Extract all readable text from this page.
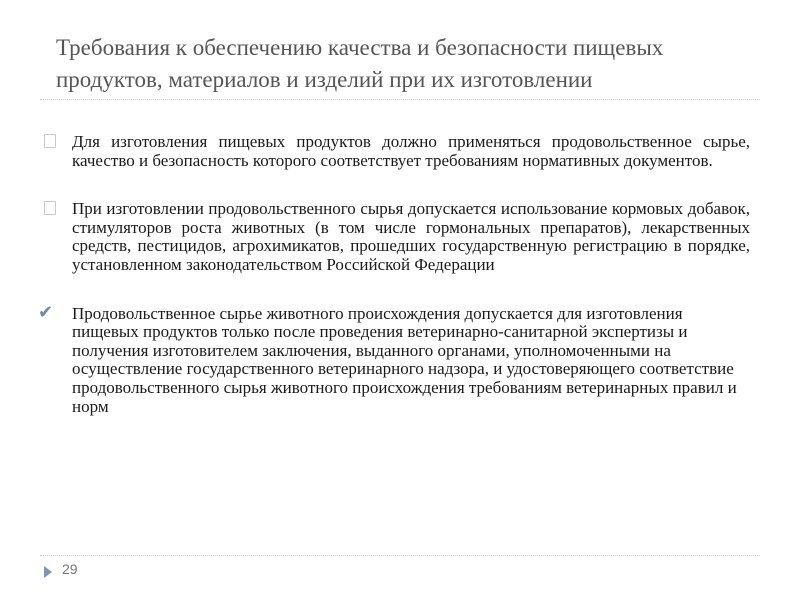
Требования к обеспечению качества и безопасности пищевых продуктов, материалов и изделий при их изготовлении
Для изготовления пищевых продуктов должно применяться продовольственное сырье, качество и безопасность которого соответствует требованиям нормативных документов.
При изготовлении продовольственного сырья допускается использование кормовых добавок, стимуляторов роста животных (в том числе гормональных препаратов), лекарственных средств, пестицидов, агрохимикатов, прошедших государственную регистрацию в порядке, установленном законодательством Российской Федерации
✔ Продовольственное сырье животного происхождения допускается для изготовления пищевых продуктов только после проведения ветеринарно-санитарной экспертизы и получения изготовителем заключения, выданного органами, уполномоченными на осуществление государственного ветеринарного надзора, и удостоверяющего соответствие продовольственного сырья животного происхождения требованиям ветеринарных правил и норм
29
